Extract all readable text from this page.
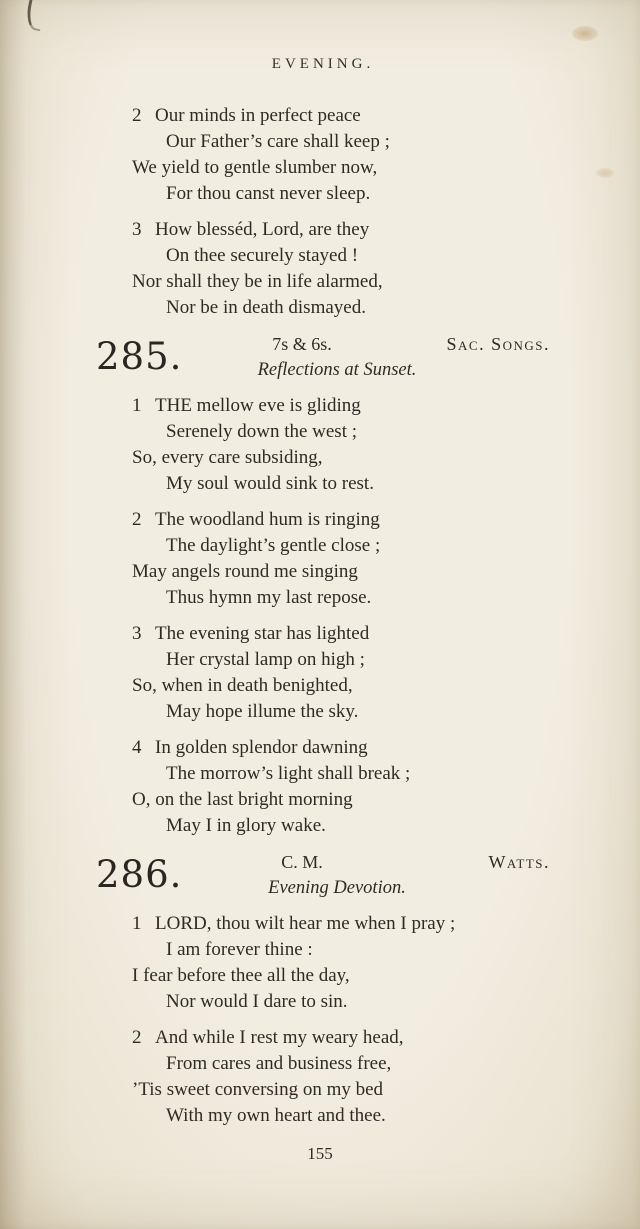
EVENING.
2 Our minds in perfect peace
Our Father’s care shall keep ;
We yield to gentle slumber now,
For thou canst never sleep.
3 How blesséd, Lord, are they
On thee securely stayed !
Nor shall they be in life alarmed,
Nor be in death dismayed.
285.	7s & 6s.	Sac. Songs.
Reflections at Sunset.
1 THE mellow eve is gliding
Serenely down the west ;
So, every care subsiding,
My soul would sink to rest.
2 The woodland hum is ringing
The daylight’s gentle close ;
May angels round me singing
Thus hymn my last repose.
3 The evening star has lighted
Her crystal lamp on high ;
So, when in death benighted,
May hope illume the sky.
4 In golden splendor dawning
The morrow’s light shall break ;
O, on the last bright morning
May I in glory wake.
286.	C. M.	Watts.
Evening Devotion.
1 LORD, thou wilt hear me when I pray ;
I am forever thine :
I fear before thee all the day,
Nor would I dare to sin.
2 And while I rest my weary head,
From cares and business free,
’Tis sweet conversing on my bed
With my own heart and thee.
155
